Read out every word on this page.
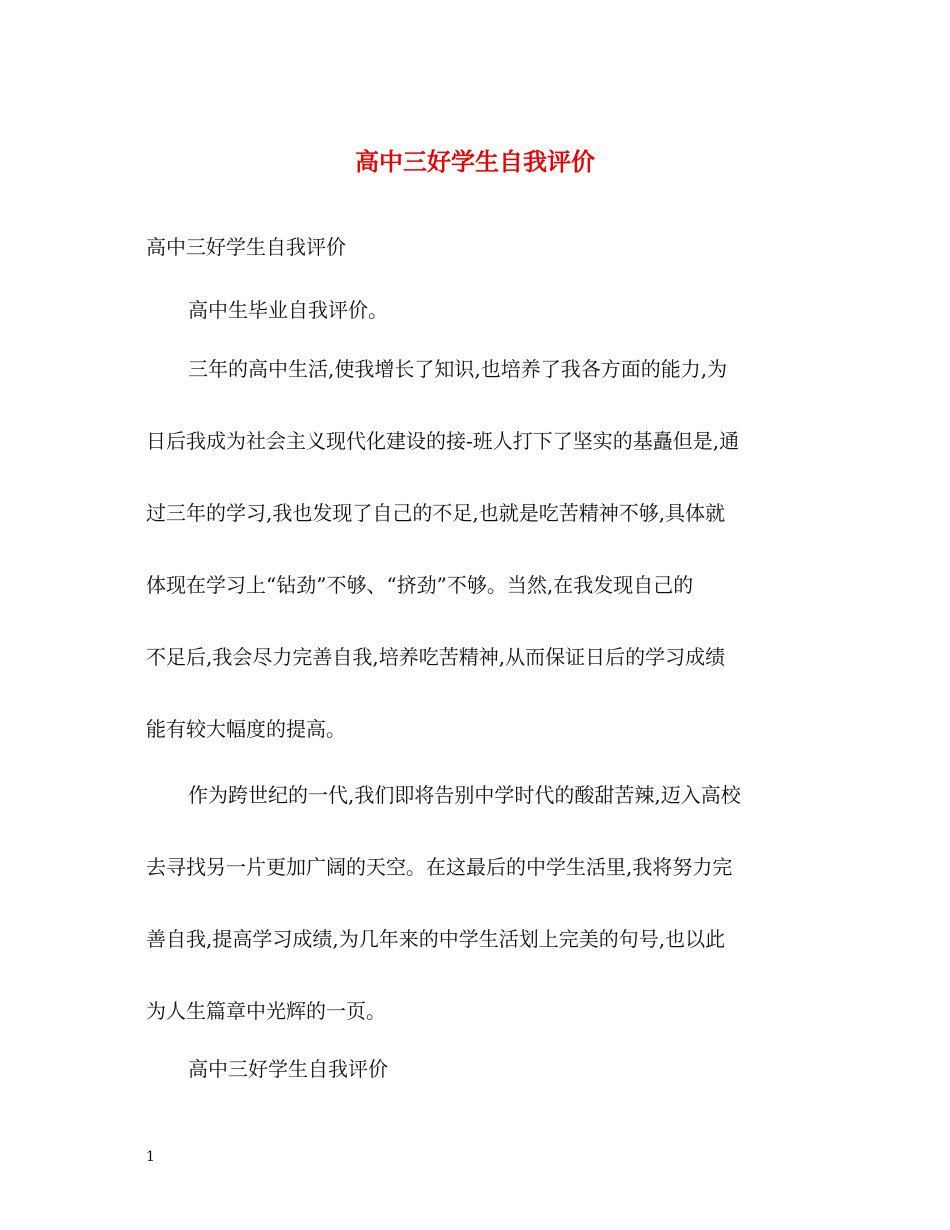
高中三好学生自我评价

高中三好学生自我评价

高中生毕业自我评价。

三年的高中生活,使我增长了知识,也培养了我各方面的能力,为
日后我成为社会主义现代化建设的接-班人打下了坚实的基矗但是,通
过三年的学习,我也发现了自己的不足,也就是吃苦精神不够,具体就
体现在学习上“钻劲”不够、“挤劲”不够。当然,在我发现自己的
不足后,我会尽力完善自我,培养吃苦精神,从而保证日后的学习成绩
能有较大幅度的提高。

作为跨世纪的一代,我们即将告别中学时代的酸甜苦辣,迈入高校
去寻找另一片更加广阔的天空。在这最后的中学生活里,我将努力完
善自我,提高学习成绩,为几年来的中学生活划上完美的句号,也以此
为人生篇章中光辉的一页。

高中三好学生自我评价

1
